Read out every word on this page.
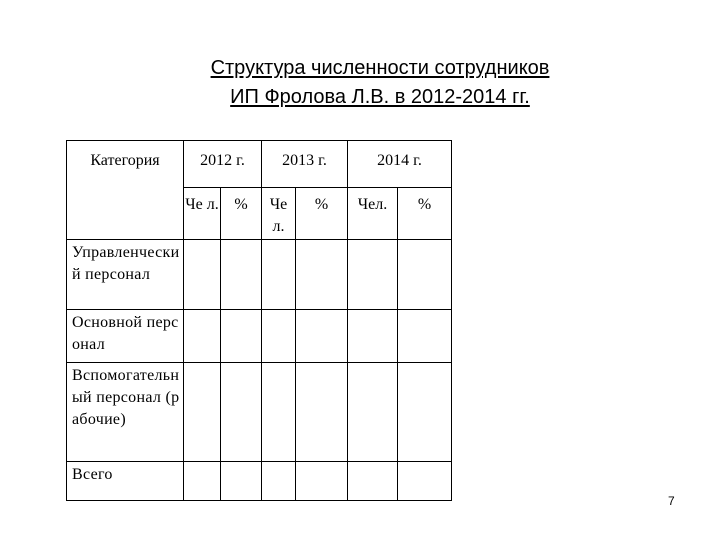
Структура численности сотрудников
ИП Фролова Л.В. в 2012-2014 гг.
Категория	2012 г.		2013 г.		2014 г.	
	Че л.	%	Че л.	%	Чел.	%
Управленческий персонал						
Основной персонал						
Вспомогательный персонал (рабочие)						
Всего						
7
